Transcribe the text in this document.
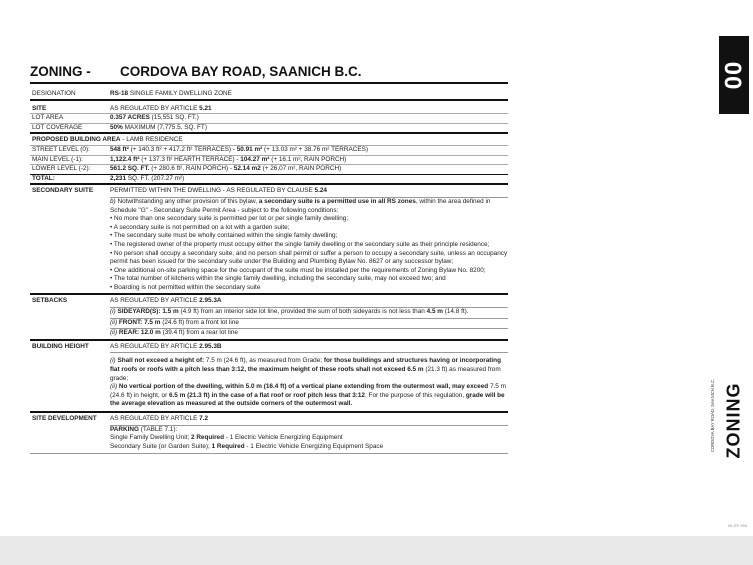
ZONING -	CORDOVA BAY ROAD, SAANICH B.C.
DESIGNATION	RS-18 SINGLE FAMILY DWELLING ZONE
SITE	AS REGULATED BY ARTICLE 5.21
LOT AREA	0.357 ACRES (15,551 SQ. FT.)
LOT COVERAGE	50% MAXIMUM (7,775.5. SQ. FT)
PROPOSED BUILDING AREA - LAMB RESIDENCE
STREET LEVEL (0):	548 ft² (+ 140.3 ft² + 417.2 ft² TERRACES) - 50.91 m² (+ 13.03 m² + 38.76 m² TERRACES)
MAIN LEVEL (-1):	1,122.4 ft² (+ 137.3 ft² HEARTH TERRACE) - 104.27 m² (+ 16.1 m², RAIN PORCH)
LOWER LEVEL (-2):	561.2 SQ. FT. (+ 280.6 ft², RAIN PORCH) - 52.14 m2 (+ 26.07 m², RAIN PORCH)
TOTAL:	2,231 SQ. FT. (207.27 m²)
SECONDARY SUITE	PERMITTED WITHIN THE DWELLING - AS REGULATED BY CLAUSE 5.24

b) Notwithstanding any other provision of this bylaw, a secondary suite is a permitted use in all RS zones, within the area defined in Schedule "G" - Secondary Suite Permit Area - subject to the following conditions:

• No more than one secondary suite is permitted per lot or per single family dwelling;

• A secondary suite is not permitted on a lot with a garden suite;

• The secondary suite must be wholly contained within the single family dwelling;

• The registered owner of the property must occupy either the single family dwelling or the secondary suite as their principle residence;

• No person shall occupy a secondary suite, and no person shall permit or suffer a person to occupy a secondary suite, unless an occupancy permit has been issued for the secondary suite under the Building and Plumbing Bylaw No. 8627 or any successor bylaw;

• One additional on-site parking space for the occupant of the suite must be installed per the requirements of Zoning Bylaw No. 8200;

• The total number of kitchens within the single family dwelling, including the secondary suite, may not exceed two; and

• Boarding is not permitted within the secondary suite

SETBACKS	AS REGULATED BY ARTICLE 2.95.3A

(i) SIDEYARD(S): 1.5 m (4.9 ft) from an interior side lot line, provided the sum of both sideyards is not less than 4.5 m (14.8 ft).

(ii) FRONT: 7.5 m (24.6 ft) from a front lot line

(ii) REAR: 12.0 m (39.4 ft) from a rear lot line

BUILDING HEIGHT	AS REGULATED BY ARTICLE 2.95.3B

(i) Shall not exceed a height of: 7.5 m (24.6 ft), as measured from Grade; for those buildings and structures having or incorporating flat roofs or roofs with a pitch less than 3:12, the maximum height of these roofs shall not exceed 6.5 m (21.3 ft) as measured from grade;

(ii) No vertical portion of the dwelling, within 5.0 m (16.4 ft) of a vertical plane extending from the outermost wall, may exceed 7.5 m (24.6 ft) in height, or 6.5 m (21.3 ft) in the case of a flat roof or roof pitch less that 3:12. For the purpose of this regulation, grade will be the average elevation as measured at the outside corners of the outermost wall.

SITE DEVELOPMENT	AS REGULATED BY ARTICLE 7.2

PARKING (TABLE 7.1):

Single Family Dwelling Unit; 2 Required - 1 Electric Vehicle Energizing Equipment

Secondary Suite (or Garden Suite); 1 Required - 1 Electric Vehicle Energizing Equipment Space

00
ZONING
CORDOVA BAY ROAD, SAANICH B.C.
MLS® 958
